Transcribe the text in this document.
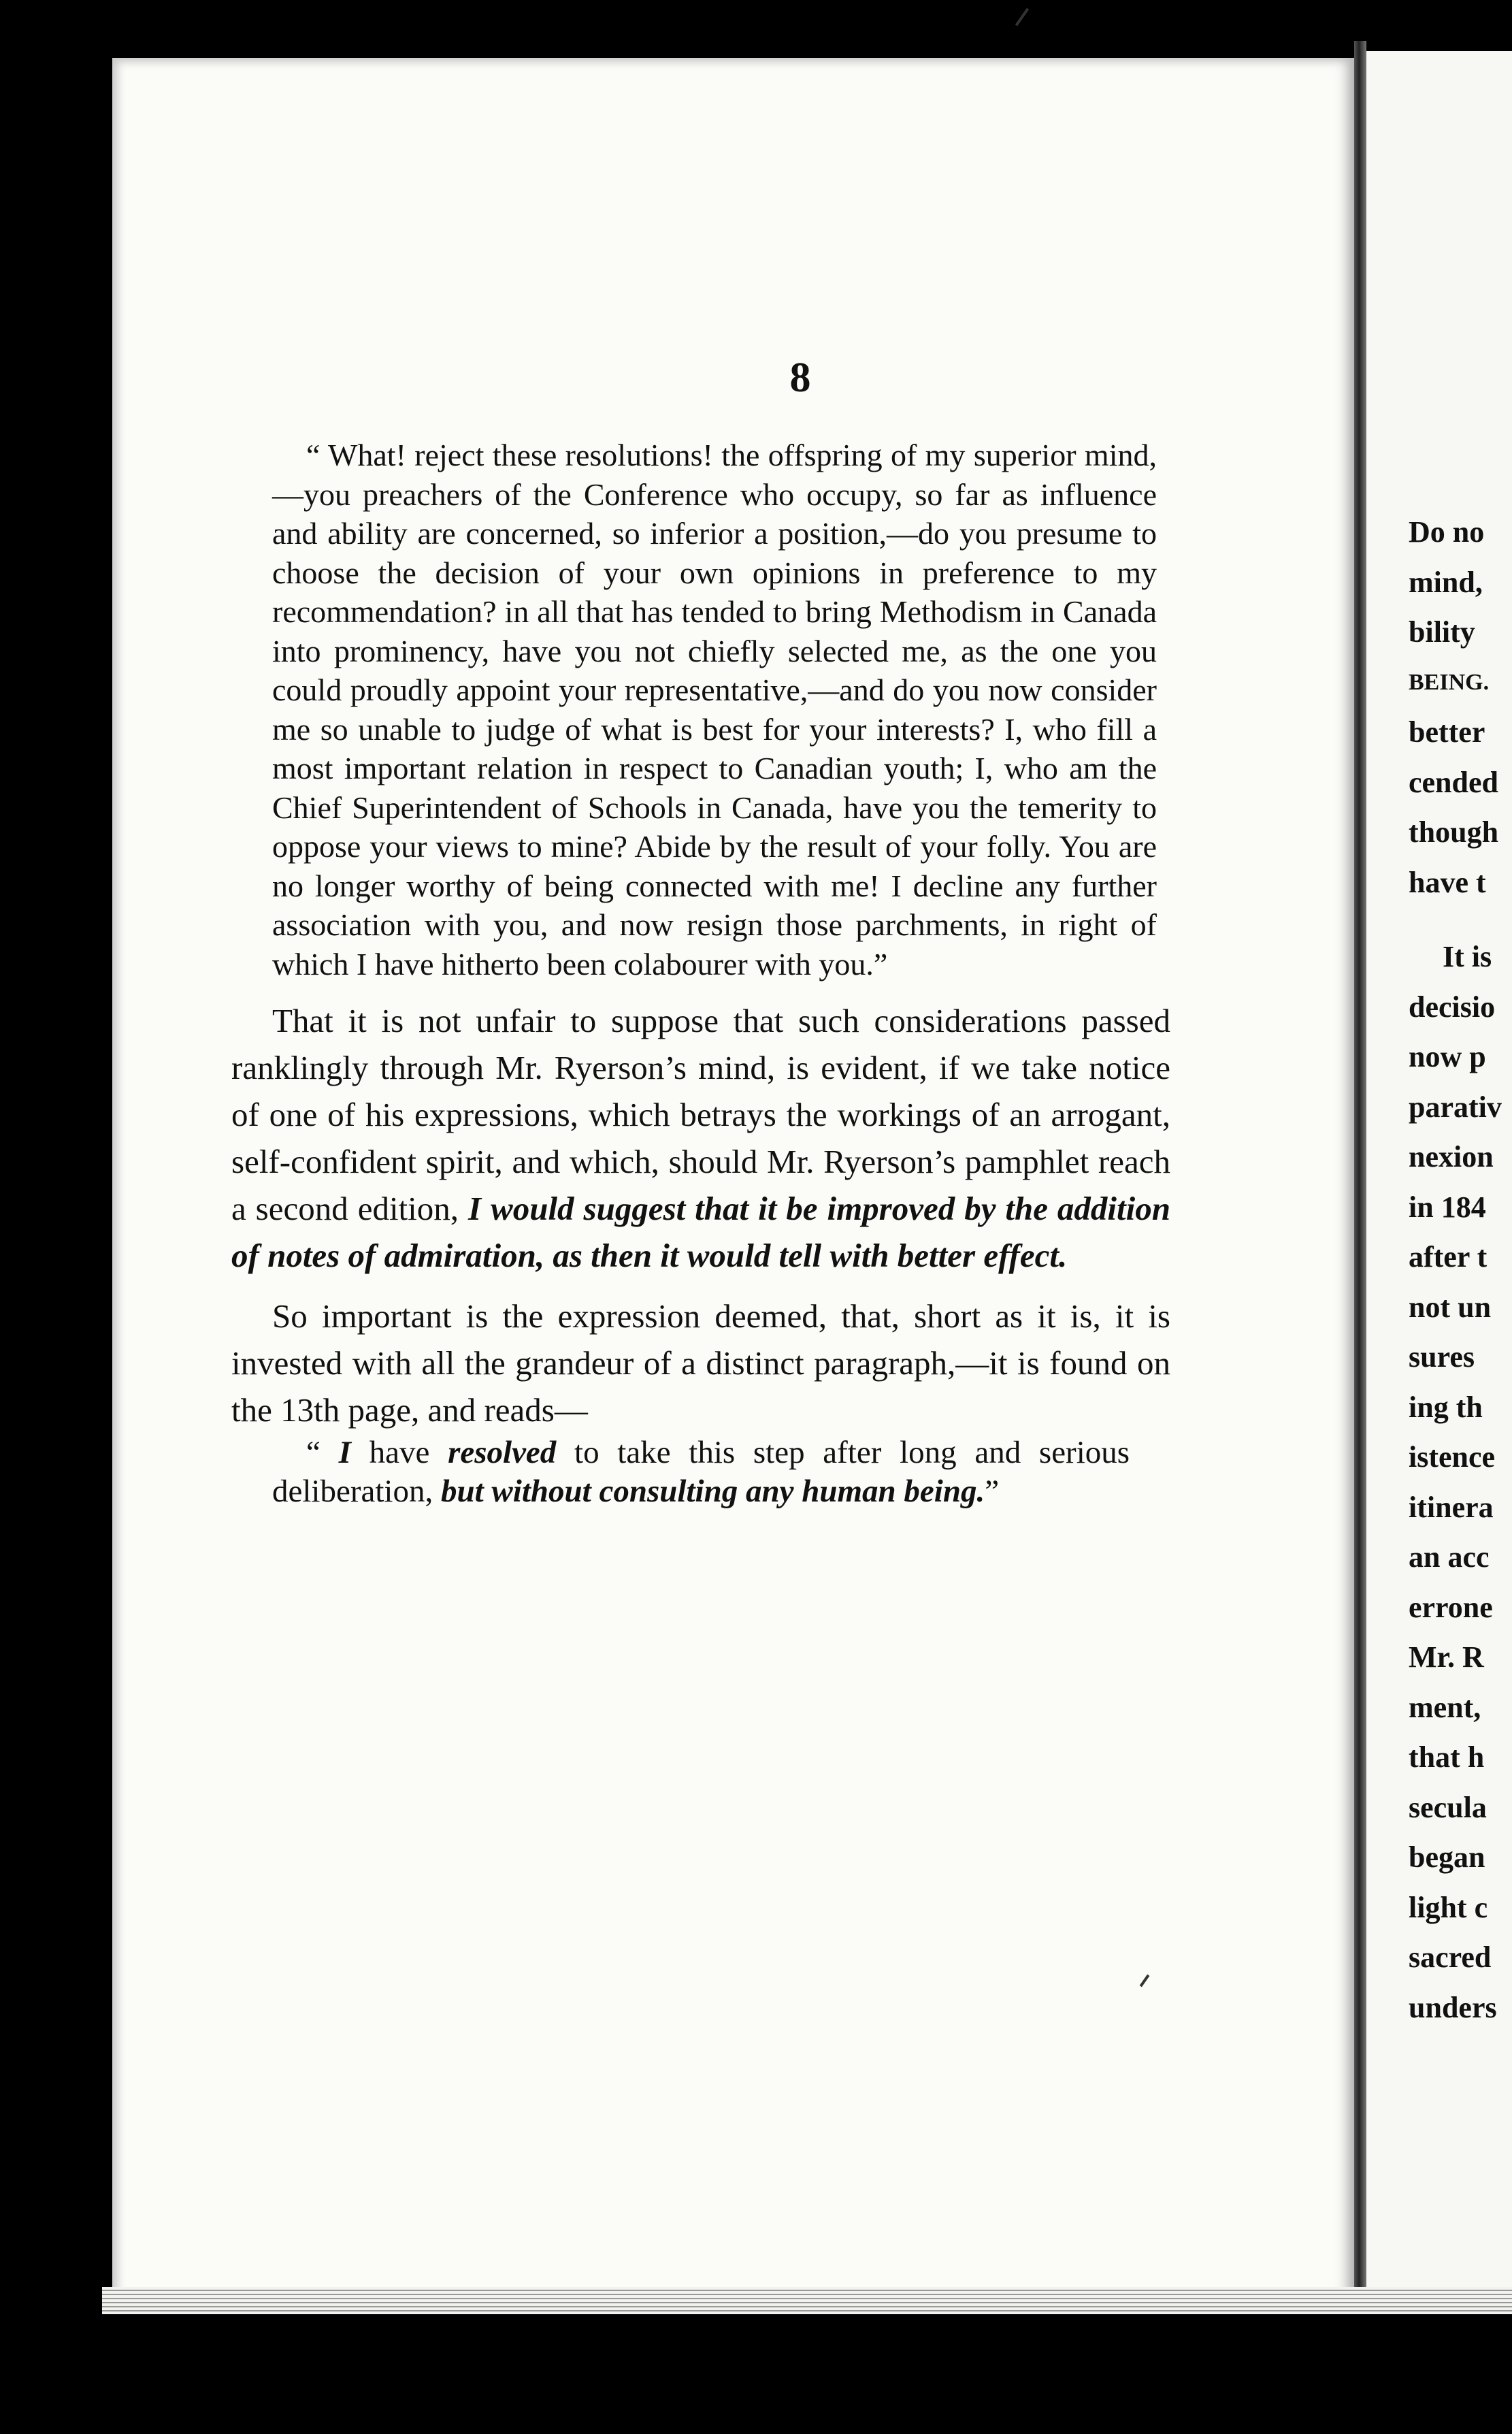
Do no
mind,
bility
BEING.
better
cended
though
have t
It is
decisio
now p
parativ
nexion
in 184
after t
not un
sures
ing th
istence
itinera
an acc
errone
Mr. R
ment,
that h
secula
began
light c
sacred
unders
8

“ What! reject these resolutions! the offspring of my superior mind,—you preachers of the Conference who occupy, so far as influence and ability are concerned, so inferior a position,—do you presume to choose the decision of your own opinions in preference to my recommendation? in all that has tended to bring Methodism in Canada into prominency, have you not chiefly selected me, as the one you could proudly appoint your representative,—and do you now consider me so unable to judge of what is best for your interests? I, who fill a most important relation in respect to Canadian youth; I, who am the Chief Superintendent of Schools in Canada, have you the temerity to oppose your views to mine? Abide by the result of your folly. You are no longer worthy of being connected with me! I decline any further association with you, and now resign those parchments, in right of which I have hitherto been colabourer with you.”

That it is not unfair to suppose that such considerations passed ranklingly through Mr. Ryerson’s mind, is evident, if we take notice of one of his expressions, which betrays the workings of an arrogant, self-confident spirit, and which, should Mr. Ryerson’s pamphlet reach a second edition, I would suggest that it be improved by the addition of notes of admiration, as then it would tell with better effect.

So important is the expression deemed, that, short as it is, it is invested with all the grandeur of a distinct paragraph,—it is found on the 13th page, and reads—

“ I have resolved to take this step after long and serious deliberation, but without consulting any human being.”
